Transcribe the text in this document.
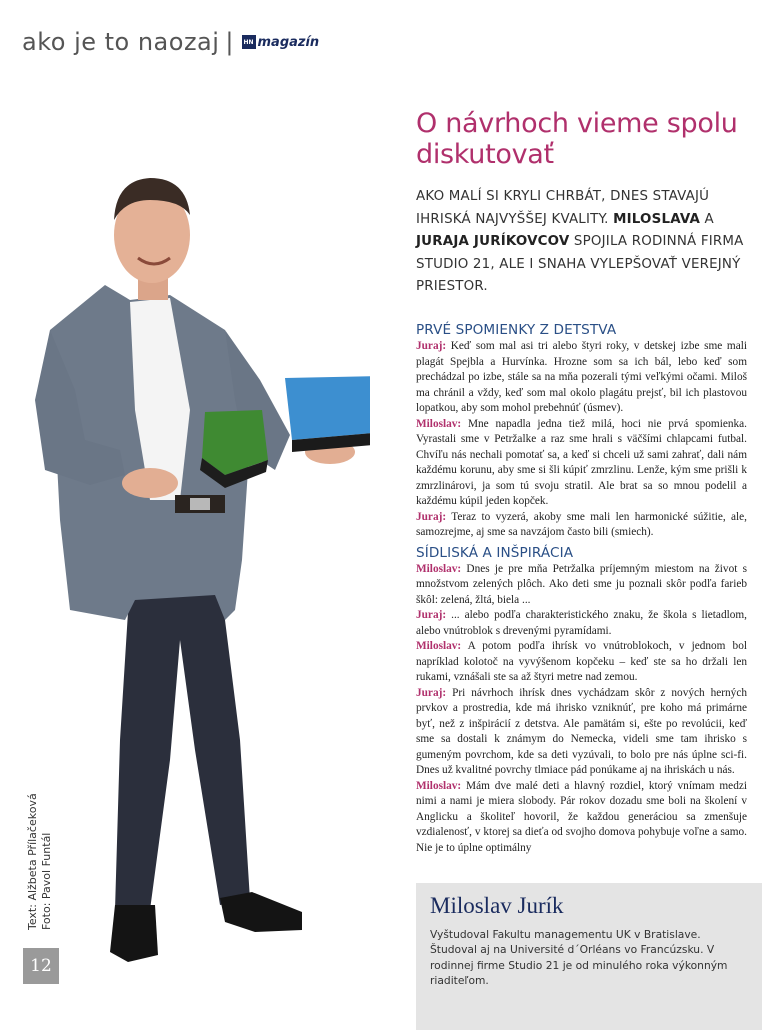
ako je to naozaj |	HN magazín
Text: Alžbeta Přílačeková Foto: Pavol Funtál
12
O návrhoch vieme spolu diskutovať
AKO MALÍ SI KRYLI CHRBÁT, DNES STAVAJÚ IHRISKÁ NAJVYŠŠEJ KVALITY. MILOSLAVA A JURAJA JURÍKOVCOV SPOJILA RODINNÁ FIRMA STUDIO 21, ALE I SNAHA VYLEPŠOVAŤ VEREJNÝ PRIESTOR.
PRVÉ SPOMIENKY Z DETSTVA

Juraj: Keď som mal asi tri alebo štyri roky, v detskej izbe sme mali plagát Spejbla a Hurvínka. Hrozne som sa ich bál, lebo keď som prechádzal po izbe, stále sa na mňa pozerali tými veľkými očami. Miloš ma chránil a vždy, keď som mal okolo plagátu prejsť, bil ich plastovou lopatkou, aby som mohol prebehnúť (úsmev).

Miloslav: Mne napadla jedna tiež milá, hoci nie prvá spomienka. Vyrastali sme v Petržalke a raz sme hrali s väčšími chlapcami futbal. Chvíľu nás nechali pomotať sa, a keď si chceli už sami zahrať, dali nám každému korunu, aby sme si šli kúpiť zmrzlinu. Lenže, kým sme prišli k zmrzlinárovi, ja som tú svoju stratil. Ale brat sa so mnou podelil a každému kúpil jeden kopček.

Juraj: Teraz to vyzerá, akoby sme mali len harmonické súžitie, ale, samozrejme, aj sme sa navzájom často bili (smiech).

SÍDLISKÁ A INŠPIRÁCIA

Miloslav: Dnes je pre mňa Petržalka príjemným miestom na život s množstvom zelených plôch. Ako deti sme ju poznali skôr podľa farieb škôl: zelená, žltá, biela ...

Juraj: ... alebo podľa charakteristického znaku, že škola s lietadlom, alebo vnútroblok s drevenými pyramídami.

Miloslav: A potom podľa ihrísk vo vnútroblokoch, v jednom bol napríklad kolotoč na vyvýšenom kopčeku – keď ste sa ho držali len rukami, vznášali ste sa až štyri metre nad zemou.

Juraj: Pri návrhoch ihrísk dnes vychádzam skôr z nových herných prvkov a prostredia, kde má ihrisko vzniknúť, pre koho má primárne byť, než z inšpirácií z detstva. Ale pamätám si, ešte po revolúcii, keď sme sa dostali k známym do Nemecka, videli sme tam ihrisko s gumeným povrchom, kde sa deti vyzúvali, to bolo pre nás úplne sci-fi. Dnes už kvalitné povrchy tlmiace pád ponúkame aj na ihriskách u nás.

Miloslav: Mám dve malé deti a hlavný rozdiel, ktorý vnímam medzi nimi a nami je miera slobody. Pár rokov dozadu sme boli na školení v Anglicku a školiteľ hovoril, že každou generáciou sa zmenšuje vzdialenosť, v ktorej sa dieťa od svojho domova pohybuje voľne a samo. Nie je to úplne optimálny

Miloslav Jurík
Vyštudoval Fakultu managementu UK v Bratislave. Študoval aj na Université d´Orléans vo Francúzsku. V rodinnej firme Studio 21 je od minulého roka výkonným riaditeľom.
